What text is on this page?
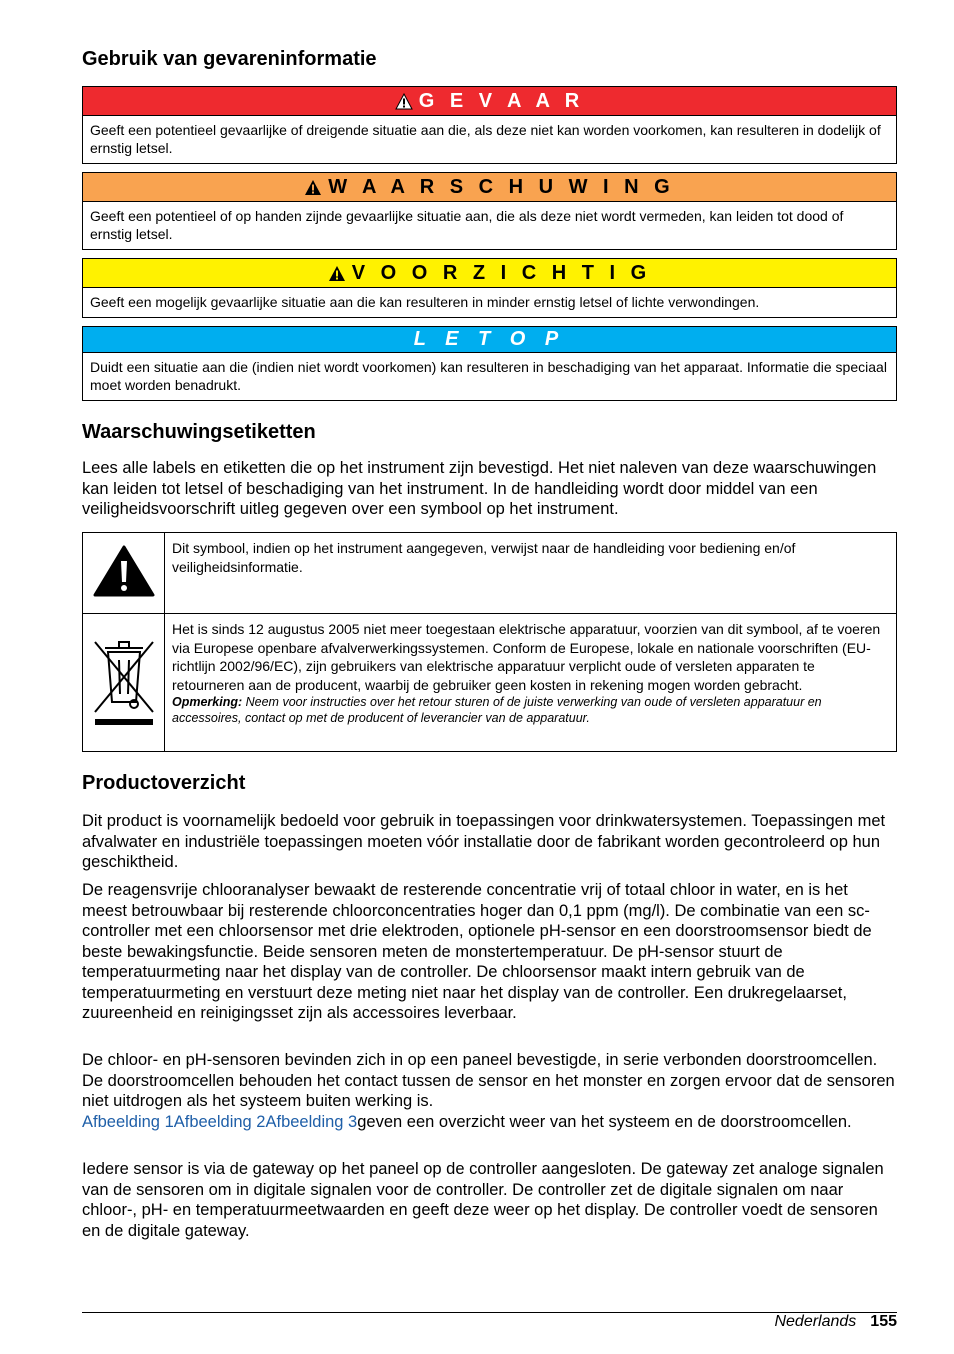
Gebruik van gevareninformatie
G E V A A R
Geeft een potentieel gevaarlijke of dreigende situatie aan die, als deze niet kan worden voorkomen, kan resulteren in dodelijk of ernstig letsel.
W A A R S C H U W I N G
Geeft een potentieel of op handen zijnde gevaarlijke situatie aan, die als deze niet wordt vermeden, kan leiden tot dood of ernstig letsel.
V O O R Z I C H T I G
Geeft een mogelijk gevaarlijke situatie aan die kan resulteren in minder ernstig letsel of lichte verwondingen.
L E T O P
Duidt een situatie aan die (indien niet wordt voorkomen) kan resulteren in beschadiging van het apparaat. Informatie die speciaal moet worden benadrukt.
Waarschuwingsetiketten

Lees alle labels en etiketten die op het instrument zijn bevestigd. Het niet naleven van deze waarschuwingen kan leiden tot letsel of beschadiging van het instrument. In de handleiding wordt door middel van een veiligheidsvoorschrift uitleg gegeven over een symbool op het instrument.

	Dit symbool, indien op het instrument aangegeven, verwijst naar de handleiding voor bediening en/of veiligheidsinformatie.

Het is sinds 12 augustus 2005 niet meer toegestaan elektrische apparatuur, voorzien van dit symbool, af te voeren via Europese openbare afvalverwerkingssystemen. Conform de Europese, lokale en nationale voorschriften (EU-richtlijn 2002/96/EC), zijn gebruikers van elektrische apparatuur verplicht oude of versleten apparaten te retourneren aan de producent, waarbij de gebruiker geen kosten in rekening mogen worden gebracht.
Opmerking: Neem voor instructies over het retour sturen of de juiste verwerking van oude of versleten apparatuur en accessoires, contact op met de producent of leverancier van de apparatuur.
Productoverzicht

Dit product is voornamelijk bedoeld voor gebruik in toepassingen voor drinkwatersystemen. Toepassingen met afvalwater en industriële toepassingen moeten vóór installatie door de fabrikant worden gecontroleerd op hun geschiktheid.

De reagensvrije chlooranalyser bewaakt de resterende concentratie vrij of totaal chloor in water, en is het meest betrouwbaar bij resterende chloorconcentraties hoger dan 0,1 ppm (mg/l). De combinatie van een sc-controller met een chloorsensor met drie elektroden, optionele pH-sensor en een doorstroomsensor biedt de beste bewakingsfunctie. Beide sensoren meten de monstertemperatuur. De pH-sensor stuurt de temperatuurmeting naar het display van de controller. De chloorsensor maakt intern gebruik van de temperatuurmeting en verstuurt deze meting niet naar het display van de controller. Een drukregelaarset, zuureenheid en reinigingsset zijn als accessoires leverbaar.

De chloor- en pH-sensoren bevinden zich in op een paneel bevestigde, in serie verbonden doorstroomcellen. De doorstroomcellen behouden het contact tussen de sensor en het monster en zorgen ervoor dat de sensoren niet uitdrogen als het systeem buiten werking is.
Afbeelding 1Afbeelding 2Afbeelding 3geven een overzicht weer van het systeem en de doorstroomcellen.

Iedere sensor is via de gateway op het paneel op de controller aangesloten. De gateway zet analoge signalen van de sensoren om in digitale signalen voor de controller. De controller zet de digitale signalen om naar chloor-, pH- en temperatuurmeetwaarden en geeft deze weer op het display. De controller voedt de sensoren en de digitale gateway.

Nederlands 155
